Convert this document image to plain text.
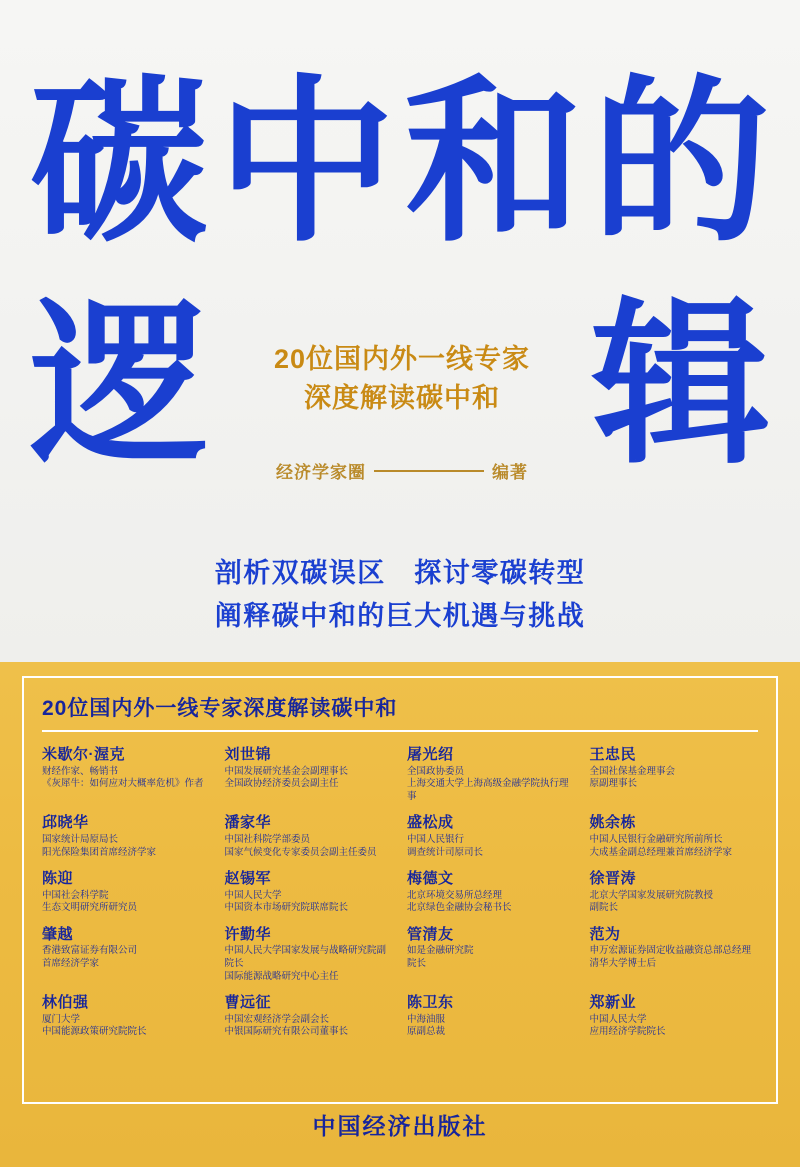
碳 中 和 的
逻 辑
20位国内外一线专家
深度解读碳中和
经济学家圈	编著
剖析双碳误区　探讨零碳转型
阐释碳中和的巨大机遇与挑战
20位国内外一线专家深度解读碳中和
米歇尔·渥克
财经作家、畅销书
《灰犀牛：如何应对大概率危机》作者
刘世锦
中国发展研究基金会副理事长
全国政协经济委员会副主任
屠光绍
全国政协委员
上海交通大学上海高级金融学院执行理事
王忠民
全国社保基金理事会
原副理事长
邱晓华
国家统计局原局长
阳光保险集团首席经济学家
潘家华
中国社科院学部委员
国家气候变化专家委员会副主任委员
盛松成
中国人民银行
调查统计司原司长
姚余栋
中国人民银行金融研究所前所长
大成基金副总经理兼首席经济学家
陈迎
中国社会科学院
生态文明研究所研究员
赵锡军
中国人民大学
中国资本市场研究院联席院长
梅德文
北京环境交易所总经理
北京绿色金融协会秘书长
徐晋涛
北京大学国家发展研究院教授
副院长
肇越
香港致富证券有限公司
首席经济学家
许勤华
中国人民大学国家发展与战略研究院副院长
国际能源战略研究中心主任
管清友
如是金融研究院
院长
范为
申万宏源证券固定收益融资总部总经理
清华大学博士后
林伯强
厦门大学
中国能源政策研究院院长
曹远征
中国宏观经济学会副会长
中银国际研究有限公司董事长
陈卫东
中海油服
原副总裁
郑新业
中国人民大学
应用经济学院院长
中国经济出版社
